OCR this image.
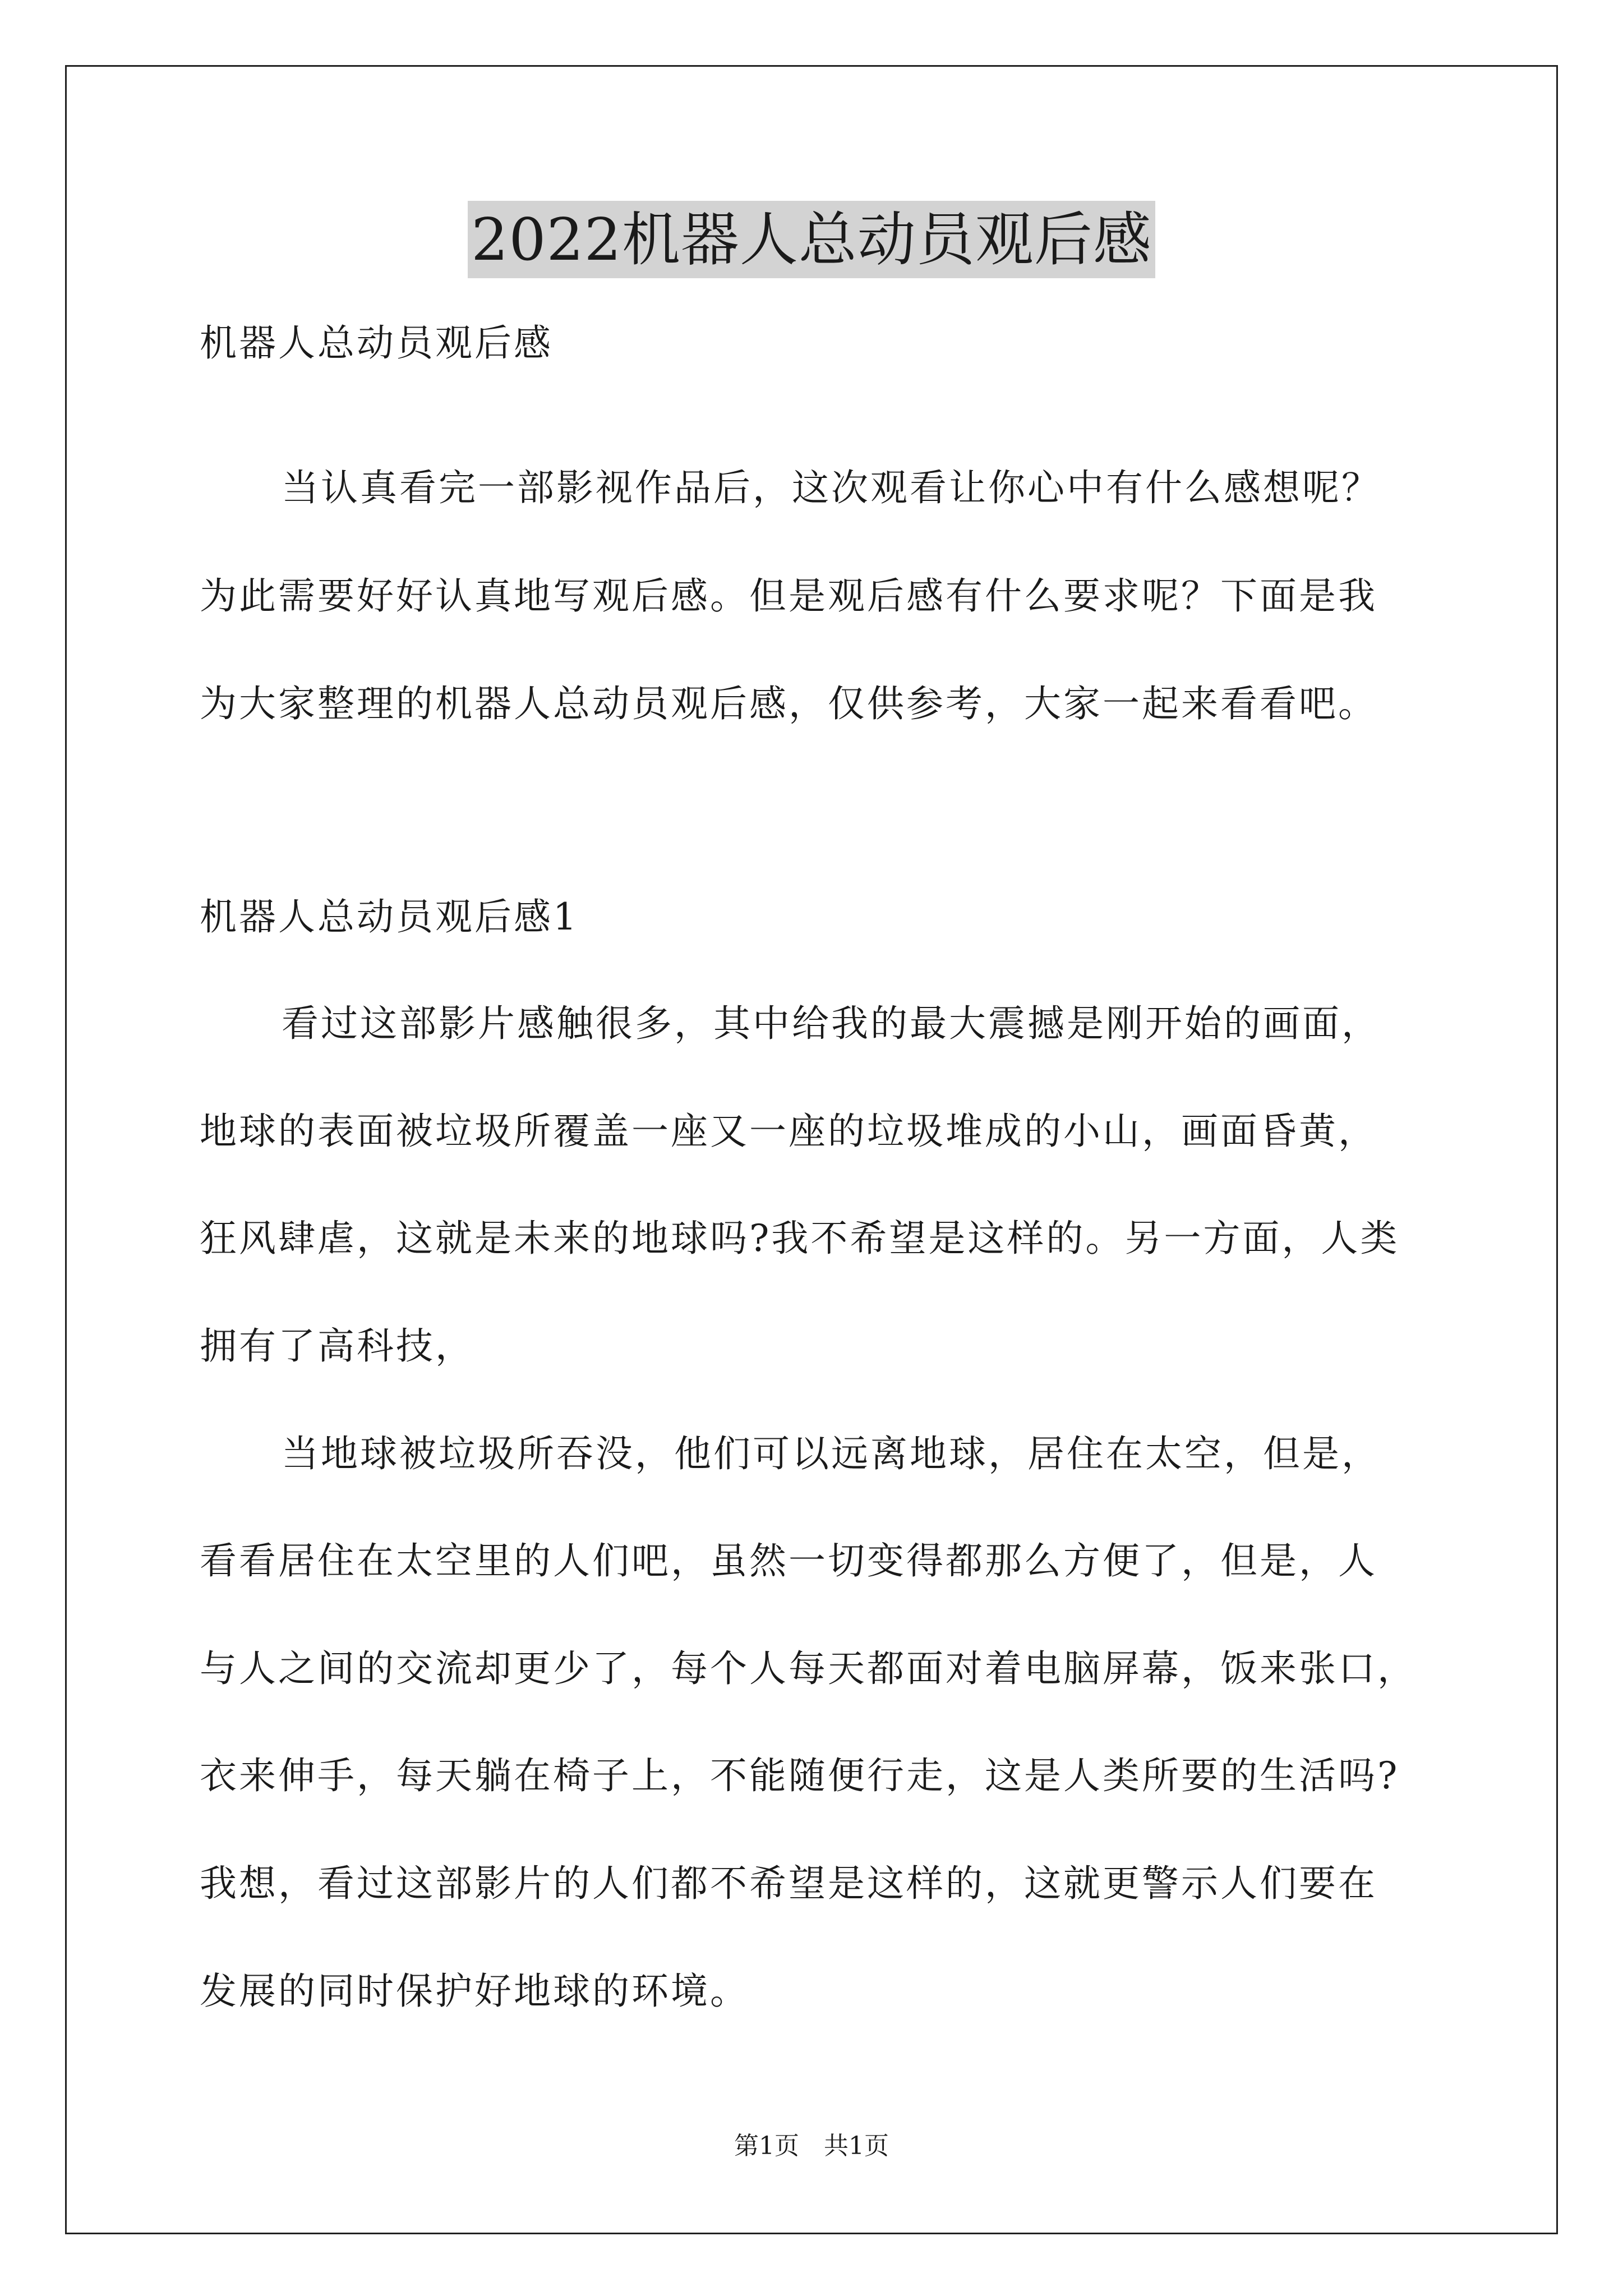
2022机器人总动员观后感
机器人总动员观后感
当认真看完一部影视作品后，这次观看让你心中有什么感想呢？
为此需要好好认真地写观后感。但是观后感有什么要求呢？下面是我
为大家整理的机器人总动员观后感，仅供参考，大家一起来看看吧。
机器人总动员观后感1
看过这部影片感触很多，其中给我的最大震撼是刚开始的画面，
地球的表面被垃圾所覆盖一座又一座的垃圾堆成的小山，画面昏黄，
狂风肆虐，这就是未来的地球吗?我不希望是这样的。另一方面，人类
拥有了高科技，
当地球被垃圾所吞没，他们可以远离地球，居住在太空，但是，
看看居住在太空里的人们吧，虽然一切变得都那么方便了，但是，人
与人之间的交流却更少了，每个人每天都面对着电脑屏幕，饭来张口，
衣来伸手，每天躺在椅子上，不能随便行走，这是人类所要的生活吗?
我想，看过这部影片的人们都不希望是这样的，这就更警示人们要在
发展的同时保护好地球的环境。
第1页 共1页
